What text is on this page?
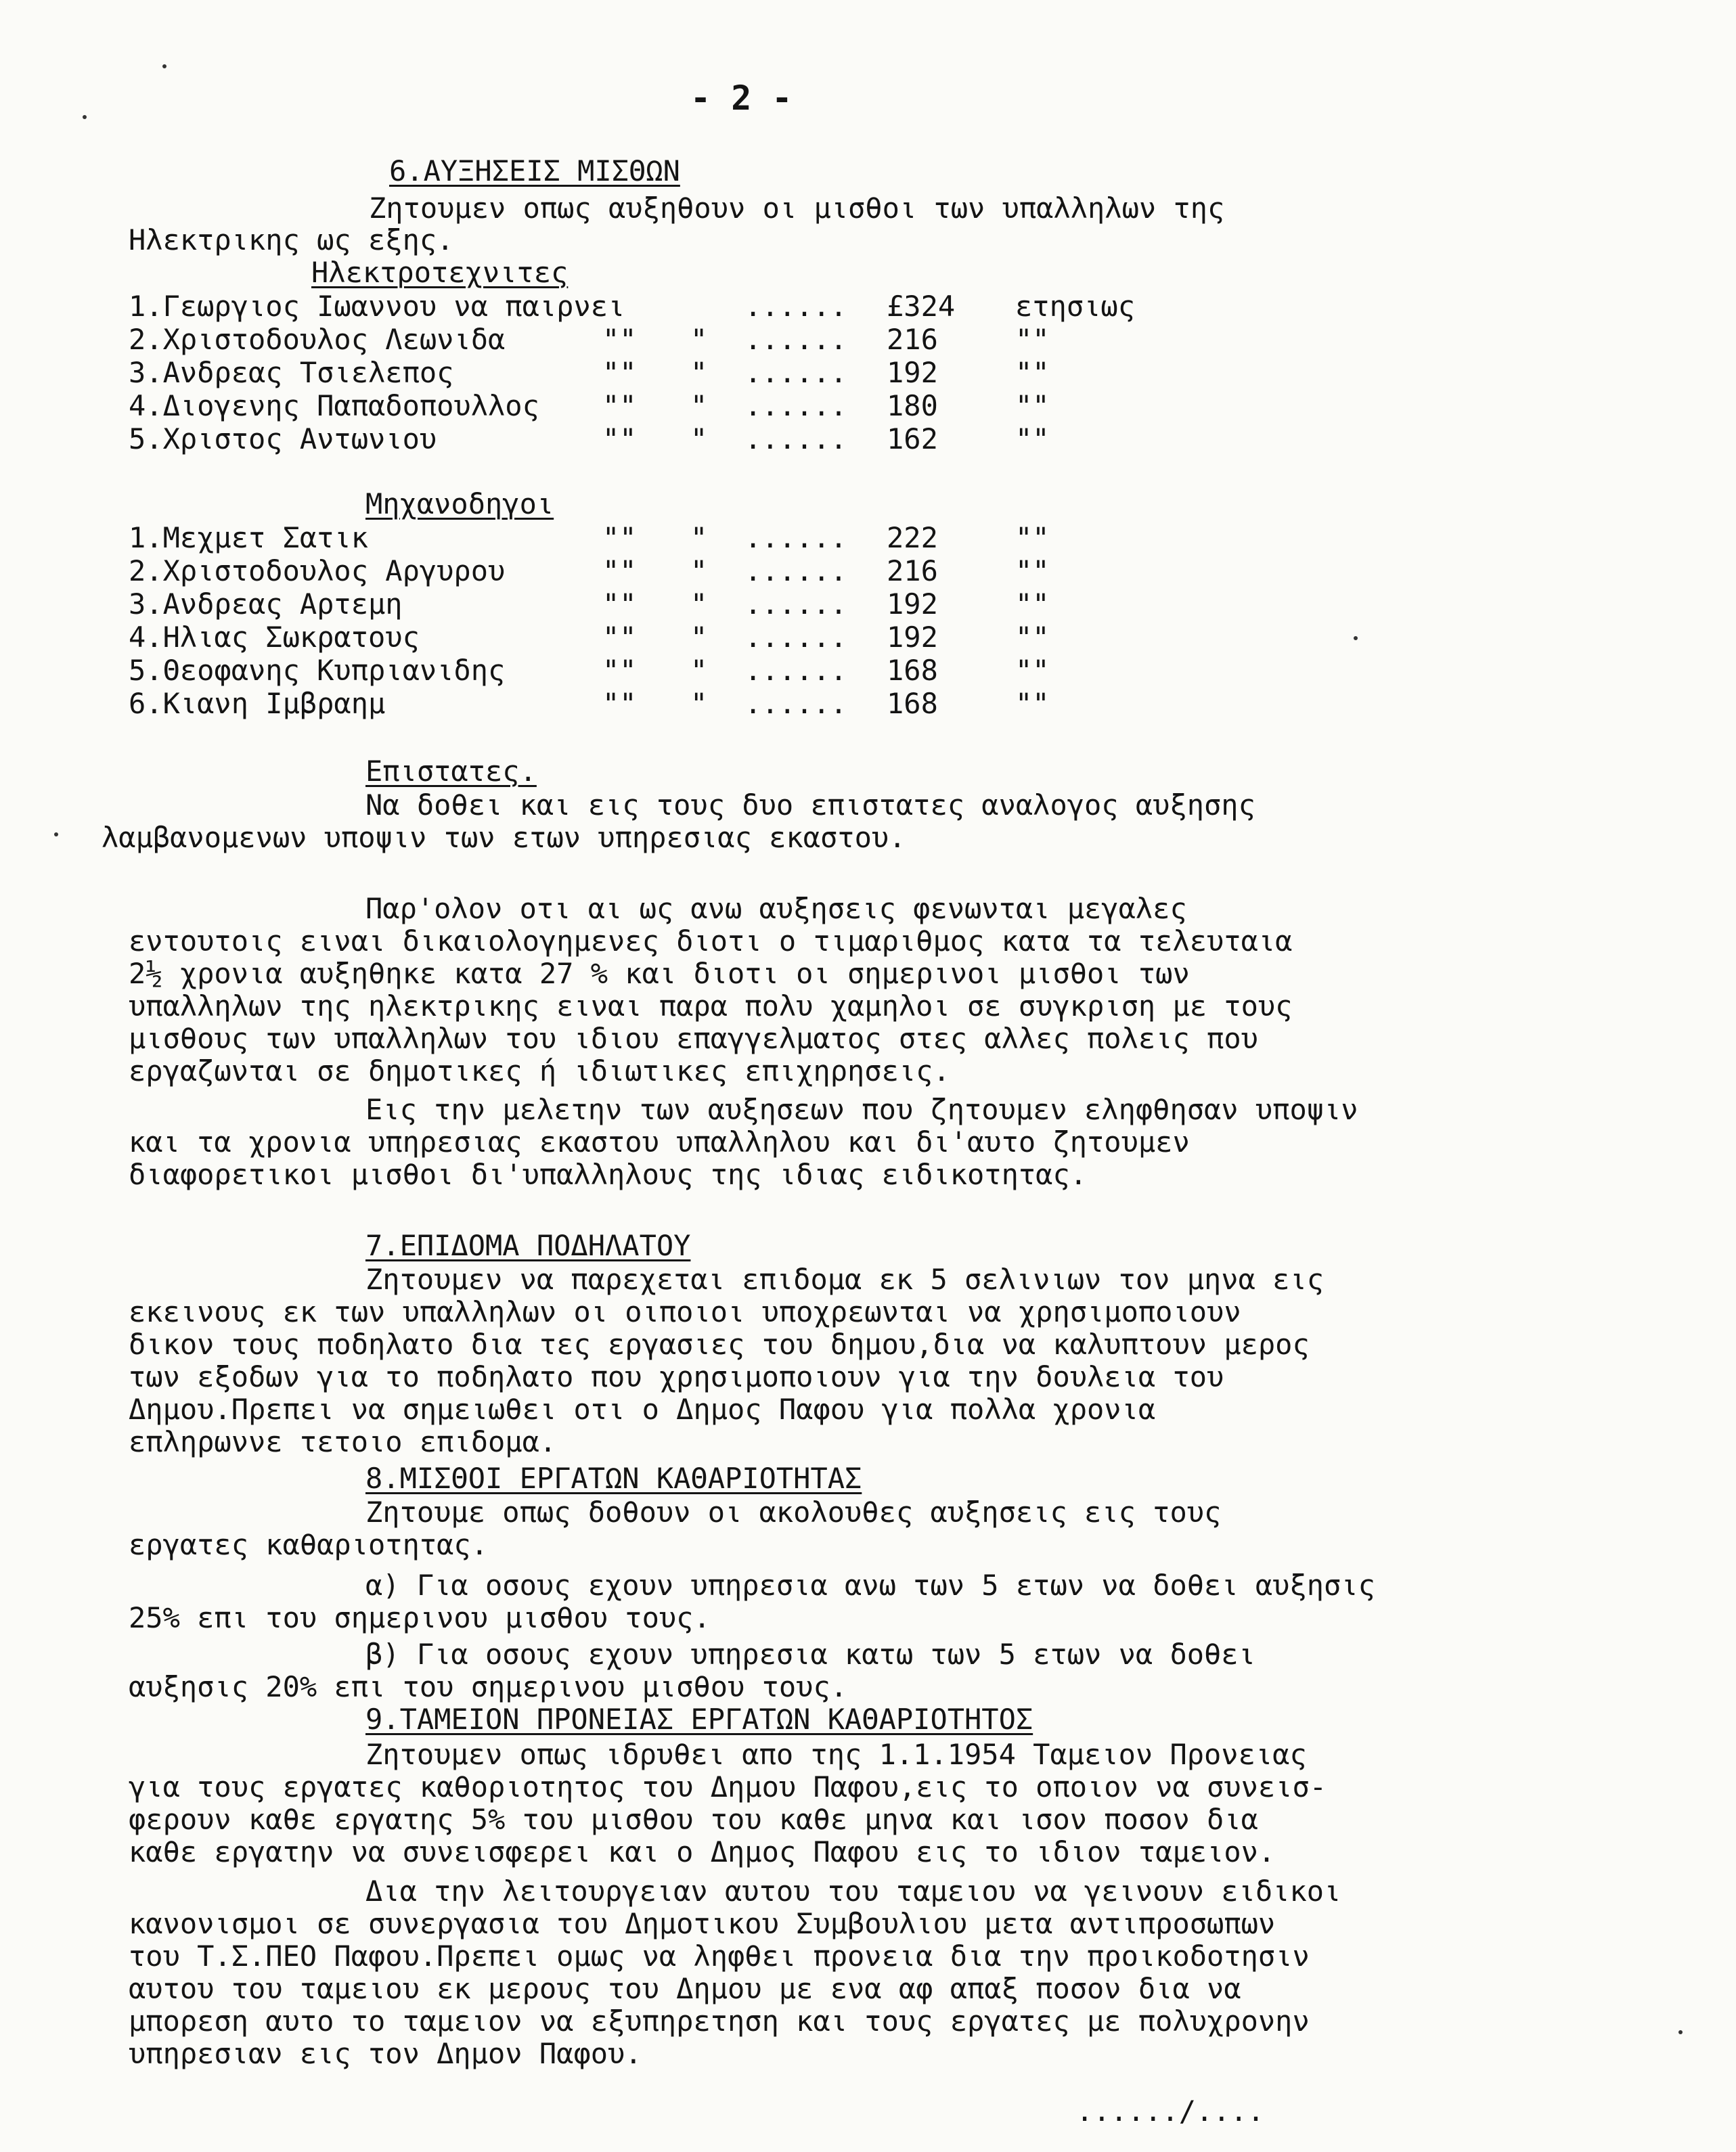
- 2 -
6.ΑΥΞΗΣΕΙΣ ΜΙΣΘΩΝ
Ζητουμεν οπως αυξηθουν οι μισθοι των υπαλληλων της
Ηλεκτρικης ως εξης.
Ηλεκτροτεχνιτες
1.Γεωργιος Ιωαννου να παιρνει	...... £324 ετησιως
2.Χριστοδουλος Λεωνιδα	"" " ...... 216	""
3.Ανδρεας Τσιελεπος	"" " ...... 192	""
4.Διογενης Παπαδοπουλλος "" " ...... 180	""
5.Χριστος Αντωνιου	"" " ...... 162	""
Μηχανοδηγοι
1.Μεχμετ Σατικ	"" " ...... 222	""
2.Χριστοδουλος Αργυρου	"" " ...... 216	""
3.Ανδρεας Αρτεμη	"" " ...... 192	""
4.Ηλιας Σωκρατους	"" " ...... 192	""
5.Θεοφανης Κυπριανιδης	"" " ...... 168	""
6.Κιανη Ιμβραημ	"" " ...... 168	""
Επιστατες.
Να δοθει και εις τους δυο επιστατες αναλογος αυξησης
λαμβανομενων υποψιν των ετων υπηρεσιας εκαστου.
Παρ'ολον οτι αι ως ανω αυξησεις φενωνται μεγαλες
εντουτοις ειναι δικαιολογημενες διοτι ο τιμαριθμος κατα τα τελευταια
2½ χρονια αυξηθηκε κατα 27 % και διοτι οι σημερινοι μισθοι των
υπαλληλων της ηλεκτρικης ειναι παρα πολυ χαμηλοι σε συγκριση με τους
μισθους των υπαλληλων του ιδιου επαγγελματος στες αλλες πολεις που
εργαζωνται σε δημοτικες ή ιδιωτικες επιχηρησεις.
Εις την μελετην των αυξησεων που ζητουμεν εληφθησαν υποψιν
και τα χρονια υπηρεσιας εκαστου υπαλληλου και δι'αυτο ζητουμεν
διαφορετικοι μισθοι δι'υπαλληλους της ιδιας ειδικοτητας.
7.ΕΠΙΔΟΜΑ ΠΟΔΗΛΑΤΟΥ
Ζητουμεν να παρεχεται επιδομα εκ 5 σελινιων τον μηνα εις
εκεινους εκ των υπαλληλων οι οιποιοι υποχρεωνται να χρησιμοποιουν
δικον τους ποδηλατο δια τες εργασιες του δημου,δια να καλυπτουν μερος
των εξοδων για το ποδηλατο που χρησιμοποιουν για την δουλεια του
Δημου.Πρεπει να σημειωθει οτι ο Δημος Παφου για πολλα χρονια
επληρωννε τετοιο επιδομα.
8.ΜΙΣΘΟΙ ΕΡΓΑΤΩΝ ΚΑΘΑΡΙΟΤΗΤΑΣ
Ζητουμε οπως δοθουν οι ακολουθες αυξησεις εις τους
εργατες καθαριοτητας.
α) Για οσους εχουν υπηρεσια ανω των 5 ετων να δοθει αυξησις
25% επι του σημερινου μισθου τους.
β) Για οσους εχουν υπηρεσια κατω των 5 ετων να δοθει
αυξησις 20% επι του σημερινου μισθου τους.
9.ΤΑΜΕΙΟΝ ΠΡΟΝΕΙΑΣ ΕΡΓΑΤΩΝ ΚΑΘΑΡΙΟΤΗΤΟΣ
Ζητουμεν οπως ιδρυθει απο της 1.1.1954 Ταμειον Προνειας
για τους εργατες καθοριοτητος του Δημου Παφου,εις το οποιον να συνεισ-
φερουν καθε εργατης 5% του μισθου του καθε μηνα και ισον ποσον δια
καθε εργατην να συνεισφερει και ο Δημος Παφου εις το ιδιον ταμειον.
Δια την λειτουργειαν αυτου του ταμειου να γεινουν ειδικοι
κανονισμοι σε συνεργασια του Δημοτικου Συμβουλιου μετα αντιπροσωπων
του Τ.Σ.ΠΕΟ Παφου.Πρεπει ομως να ληφθει προνεια δια την προικοδοτησιν
αυτου του ταμειου εκ μερους του Δημου με ενα αφ απαξ ποσον δια να
μπορεση αυτο το ταμειον να εξυπηρετηση και τους εργατες με πολυχρονην
υπηρεσιαν εις τον Δημον Παφου.
....../....
